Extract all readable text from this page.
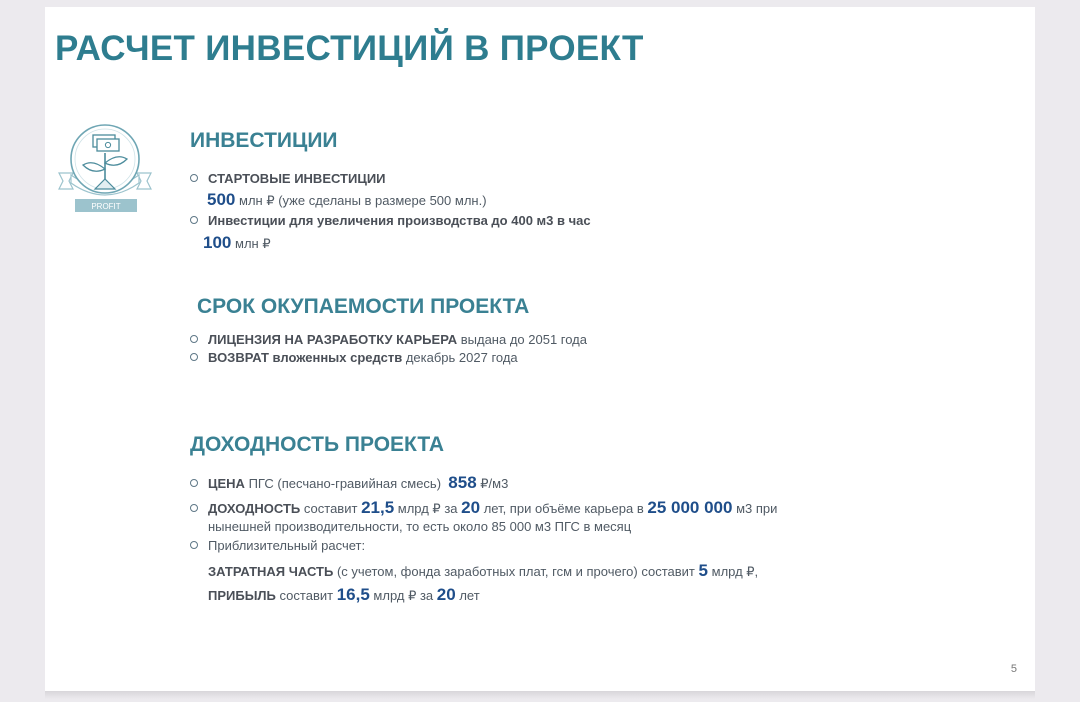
РАСЧЕТ ИНВЕСТИЦИЙ В ПРОЕКТ
PROFIT
ИНВЕСТИЦИИ
СТАРТОВЫЕ ИНВЕСТИЦИИ
500
млн ₽ (уже сделаны в размере 500 млн.)
Инвестиции для увеличения производства до 400 м3 в час
100
млн ₽
СРОК ОКУПАЕМОСТИ ПРОЕКТА
ЛИЦЕНЗИЯ НА РАЗРАБОТКУ КАРЬЕРА
выдана до 2051 года
ВОЗВРАТ вложенных средств
декабрь 2027 года
ДОХОДНОСТЬ ПРОЕКТА
ЦЕНА
ПГС (песчано-гравийная смесь)
858
₽/м3
ДОХОДНОСТЬ
составит
21,5
млрд ₽ за
20
лет, при объёме карьера в
25 000 000
м3 при
нынешней производительности, то есть около 85 000 м3 ПГС в месяц
Приблизительный расчет:
ЗАТРАТНАЯ ЧАСТЬ
(с учетом, фонда заработных плат, гсм и прочего) составит
5
млрд ₽,
ПРИБЫЛЬ
составит
16,5
млрд ₽ за
20
лет
5
